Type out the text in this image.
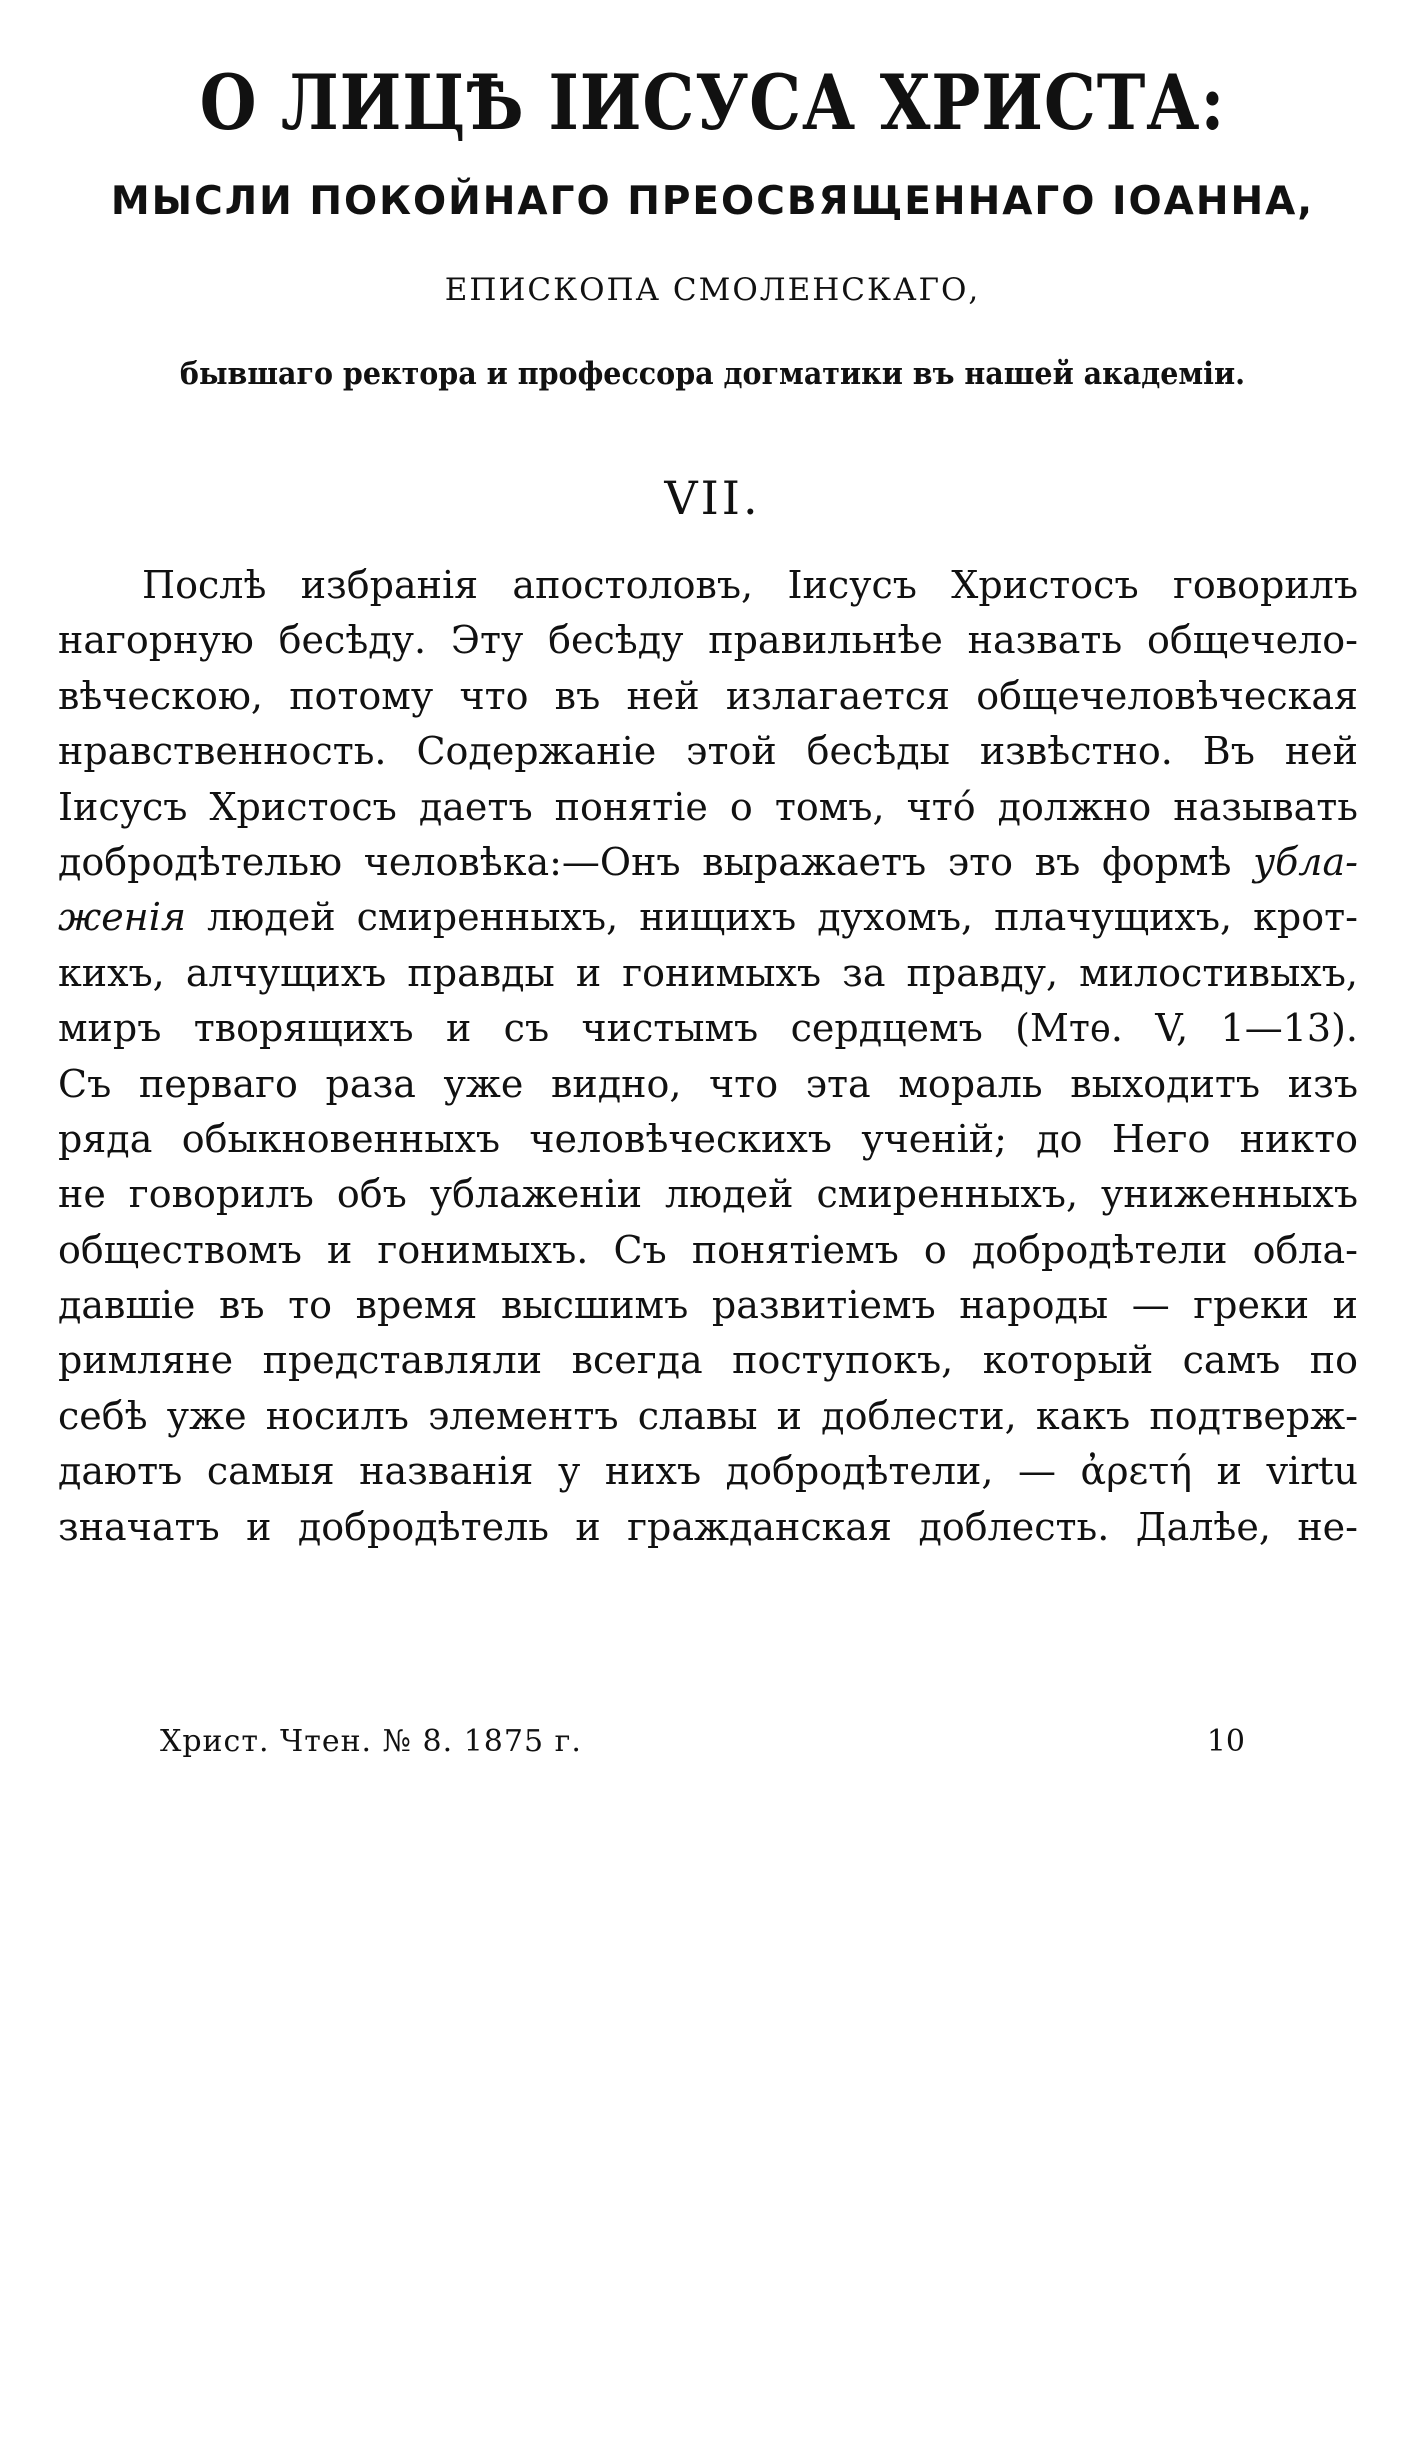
О ЛИЦѢ ІИСУСА ХРИСТА:
МЫСЛИ ПОКОЙНАГО ПРЕОСВЯЩЕННАГО ІОАННА,
ЕПИСКОПА СМОЛЕНСКАГО,
бывшаго ректора и профессора догматики въ нашей академіи.
VII.
Послѣ избранія апостоловъ, Іисусъ Христосъ говорилъ
нагорную бесѣду. Эту бесѣду правильнѣе назвать общечело-
вѣческою, потому что въ ней излагается общечеловѣческая
нравственность. Содержаніе этой бесѣды извѣстно. Въ ней
Іисусъ Христосъ даетъ понятіе о томъ, что́ должно называть
добродѣтелью человѣка:—Онъ выражаетъ это въ формѣ убла-
женія людей смиренныхъ, нищихъ духомъ, плачущихъ, крот-
кихъ, алчущихъ правды и гонимыхъ за правду, милостивыхъ,
миръ творящихъ и съ чистымъ сердцемъ (Мтѳ. V, 1—13).
Съ перваго раза уже видно, что эта мораль выходитъ изъ
ряда обыкновенныхъ человѣческихъ ученій; до Него никто
не говорилъ объ ублаженіи людей смиренныхъ, униженныхъ
обществомъ и гонимыхъ. Съ понятіемъ о добродѣтели обла-
давшіе въ то время высшимъ развитіемъ народы — греки и
римляне представляли всегда поступокъ, который самъ по
себѣ уже носилъ элементъ славы и доблести, какъ подтверж-
даютъ самыя названія у нихъ добродѣтели, — ἀρετή и virtu
значатъ и добродѣтель и гражданская доблесть. Далѣе, не-
Христ. Чтен. № 8. 1875 г.	10
